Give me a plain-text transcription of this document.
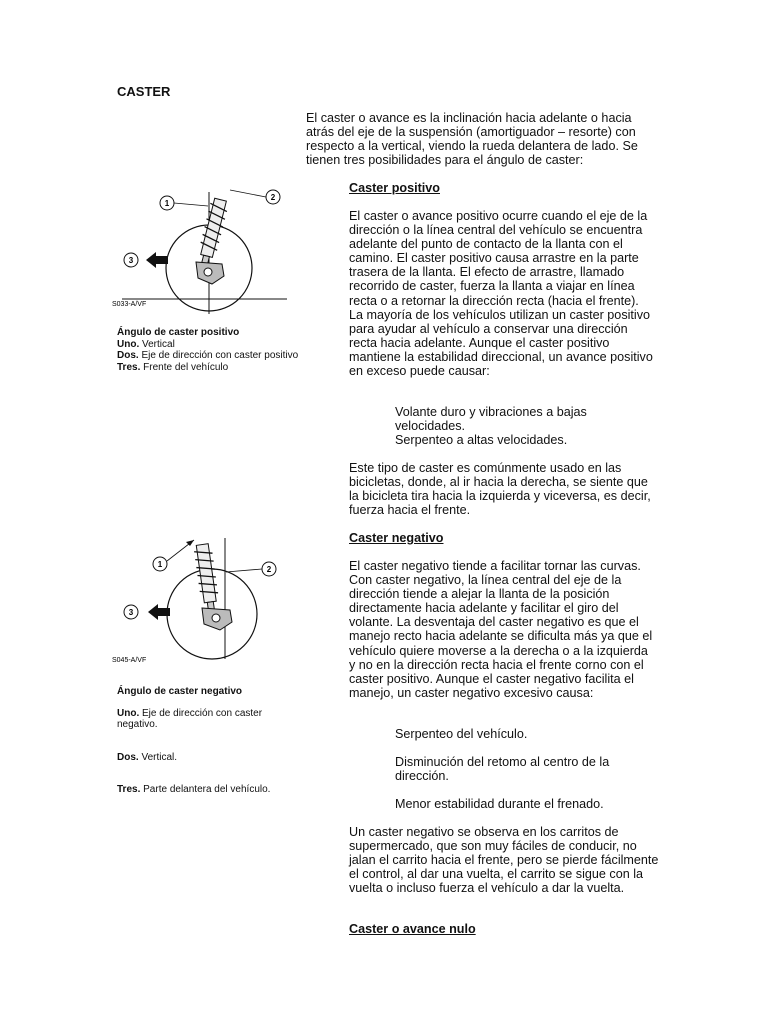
CASTER
El caster o avance es la inclinación hacia adelante o hacia atrás del eje de la suspensión (amortiguador – resorte) con respecto a la vertical, viendo la rueda delantera de lado. Se tienen tres posibilidades para el ángulo de caster:
Caster positivo
El caster o avance positivo ocurre cuando el eje de la dirección o la línea central del vehículo se encuentra adelante del punto de contacto de la llanta con el camino. El caster positivo causa arrastre en la parte trasera de la llanta. El efecto de arrastre, llamado recorrido de caster, fuerza la llanta a viajar en línea recta o a retornar la dirección recta (hacia el frente). La mayoría de los vehículos utilizan un caster positivo para ayudar al vehículo a conservar una dirección recta hacia adelante. Aunque el caster positivo mantiene la estabilidad direccional, un avance positivo en exceso puede causar:
Volante duro y vibraciones a bajas velocidades.
Serpenteo a altas velocidades.
Este tipo de caster es comúnmente usado en las bicicletas, donde, al ir hacia la derecha, se siente que la bicicleta tira hacia la izquierda y viceversa, es decir, fuerza hacia el frente.
Caster negativo
El caster negativo tiende a facilitar tornar las curvas. Con caster negativo, la línea central del eje de la dirección tiende a alejar la llanta de la posición directamente hacia adelante y facilitar el giro del volante. La desventaja del caster negativo es que el manejo recto hacia adelante se dificulta más ya que el vehículo quiere moverse a la derecha o a la izquierda y no en la dirección recta hacia el frente corno con el caster positivo. Aunque el caster negativo facilita el manejo, un caster negativo excesivo causa:
Serpenteo del vehículo.
Disminución del retomo al centro de la dirección.
Menor estabilidad durante el frenado.
Un caster negativo se observa en los carritos de supermercado, que son muy fáciles de conducir, no jalan el carrito hacia el frente, pero se pierde fácilmente el control, al dar una vuelta, el carrito se sigue con la vuelta o incluso fuerza el vehículo a dar la vuelta.
Caster o avance nulo
1
2
3
S033-A/VF
Ángulo de caster positivo
Uno. Vertical
Dos. Eje de dirección con caster positivo
Tres. Frente del vehículo
1
2
3
S045-A/VF
Ángulo de caster negativo
Uno. Eje de dirección con caster negativo.
Dos. Vertical.
Tres. Parte delantera del vehículo.
